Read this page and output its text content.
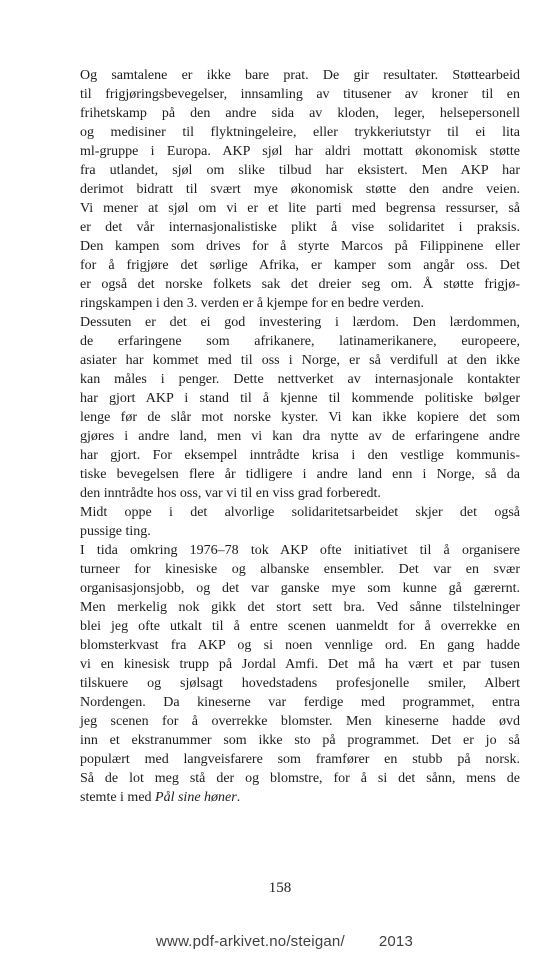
Og samtalene er ikke bare prat. De gir resultater. Støttearbeid
til frigjøringsbevegelser, innsamling av titusener av kroner til en
frihetskamp på den andre sida av kloden, leger, helsepersonell
og medisiner til flyktningeleire, eller trykkeriutstyr til ei lita
ml-gruppe i Europa. AKP sjøl har aldri mottatt økonomisk støtte
fra utlandet, sjøl om slike tilbud har eksistert. Men AKP har
derimot bidratt til svært mye økonomisk støtte den andre veien.
Vi mener at sjøl om vi er et lite parti med begrensa ressurser, så
er det vår internasjonalistiske plikt å vise solidaritet i praksis.
Den kampen som drives for å styrte Marcos på Filippinene eller
for å frigjøre det sørlige Afrika, er kamper som angår oss. Det
er også det norske folkets sak det dreier seg om. Å støtte frigjø-
ringskampen i den 3. verden er å kjempe for en bedre verden.
Dessuten er det ei god investering i lærdom. Den lærdommen,
de erfaringene som afrikanere, latinamerikanere, europeere,
asiater har kommet med til oss i Norge, er så verdifull at den ikke
kan måles i penger. Dette nettverket av internasjonale kontakter
har gjort AKP i stand til å kjenne til kommende politiske bølger
lenge før de slår mot norske kyster. Vi kan ikke kopiere det som
gjøres i andre land, men vi kan dra nytte av de erfaringene andre
har gjort. For eksempel inntrådte krisa i den vestlige kommunis-
tiske bevegelsen flere år tidligere i andre land enn i Norge, så da
den inntrådte hos oss, var vi til en viss grad forberedt.
Midt oppe i det alvorlige solidaritetsarbeidet skjer det også
pussige ting.
I tida omkring 1976–78 tok AKP ofte initiativet til å organisere
turneer for kinesiske og albanske ensembler. Det var en svær
organisasjonsjobb, og det var ganske mye som kunne gå gærernt.
Men merkelig nok gikk det stort sett bra. Ved sånne tilstelninger
blei jeg ofte utkalt til å entre scenen uanmeldt for å overrekke en
blomsterkvast fra AKP og si noen vennlige ord. En gang hadde
vi en kinesisk trupp på Jordal Amfi. Det må ha vært et par tusen
tilskuere og sjølsagt hovedstadens profesjonelle smiler, Albert
Nordengen. Da kineserne var ferdige med programmet, entra
jeg scenen for å overrekke blomster. Men kineserne hadde øvd
inn et ekstranummer som ikke sto på programmet. Det er jo så
populært med langveisfarere som framfører en stubb på norsk.
Så de lot meg stå der og blomstre, for å si det sånn, mens de
stemte i med Pål sine høner.
158
www.pdf-arkivet.no/steigan/ 2013
